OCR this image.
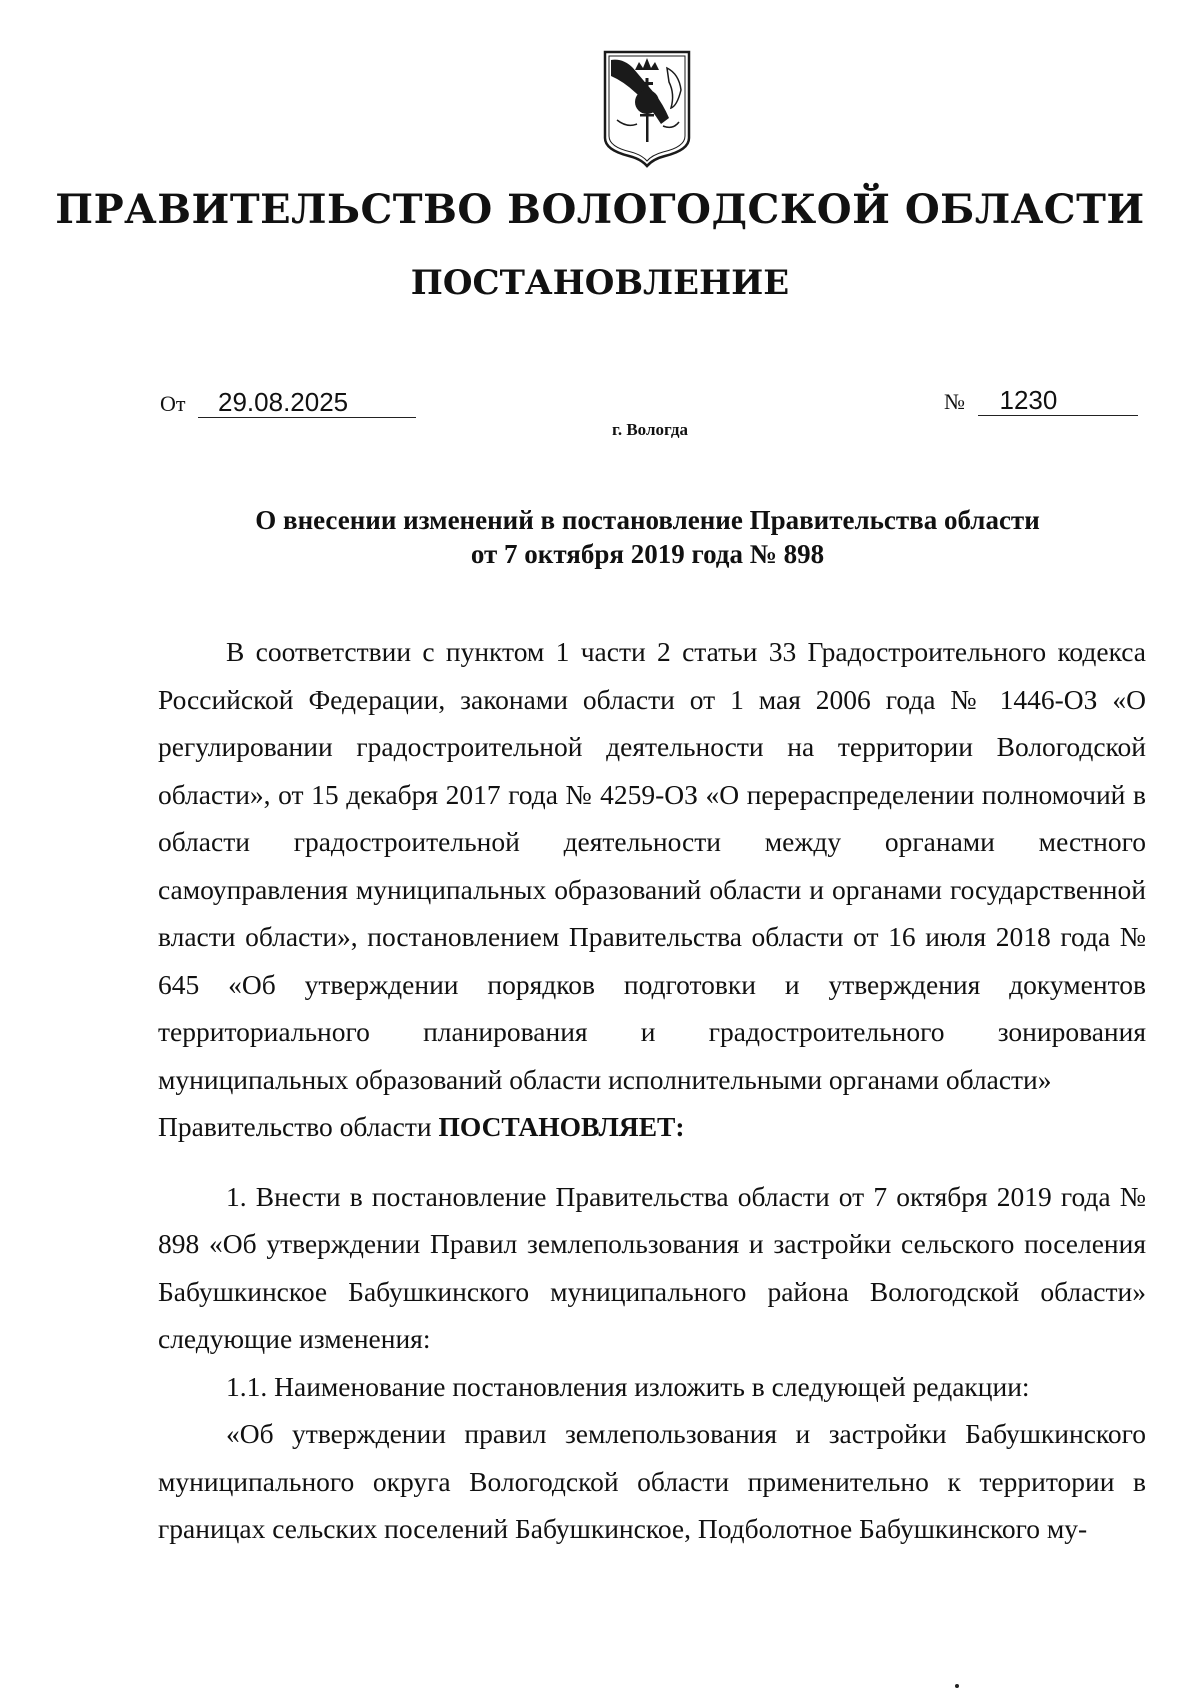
ПРАВИТЕЛЬСТВО ВОЛОГОДСКОЙ ОБЛАСТИ
ПОСТАНОВЛЕНИЕ
От 29.08.2025	№ 1230
г. Вологда

О внесении изменений в постановление Правительства области

от 7 октября 2019 года № 898

В соответствии с пунктом 1 части 2 статьи 33 Градостроительного кодекса Российской Федерации, законами области от 1 мая 2006 года № 1446-ОЗ «О регулировании градостроительной деятельности на территории Вологодской области», от 15 декабря 2017 года № 4259-ОЗ «О перераспределении полномочий в области градостроительной деятельности между органами местного самоуправления муниципальных образований области и органами государственной власти области», постановлением Правительства области от 16 июля 2018 года № 645 «Об утверждении порядков подготовки и утверждения документов территориального планирования и градостроительного зонирования муниципальных образований области исполнительными органами области»

Правительство области ПОСТАНОВЛЯЕТ:

1. Внести в постановление Правительства области от 7 октября 2019 года № 898 «Об утверждении Правил землепользования и застройки сельского поселения Бабушкинское Бабушкинского муниципального района Вологодской области» следующие изменения:

1.1. Наименование постановления изложить в следующей редакции:

«Об утверждении правил землепользования и застройки Бабушкинского муниципального округа Вологодской области применительно к территории в границах сельских поселений Бабушкинское, Подболотное Бабушкинского му-
